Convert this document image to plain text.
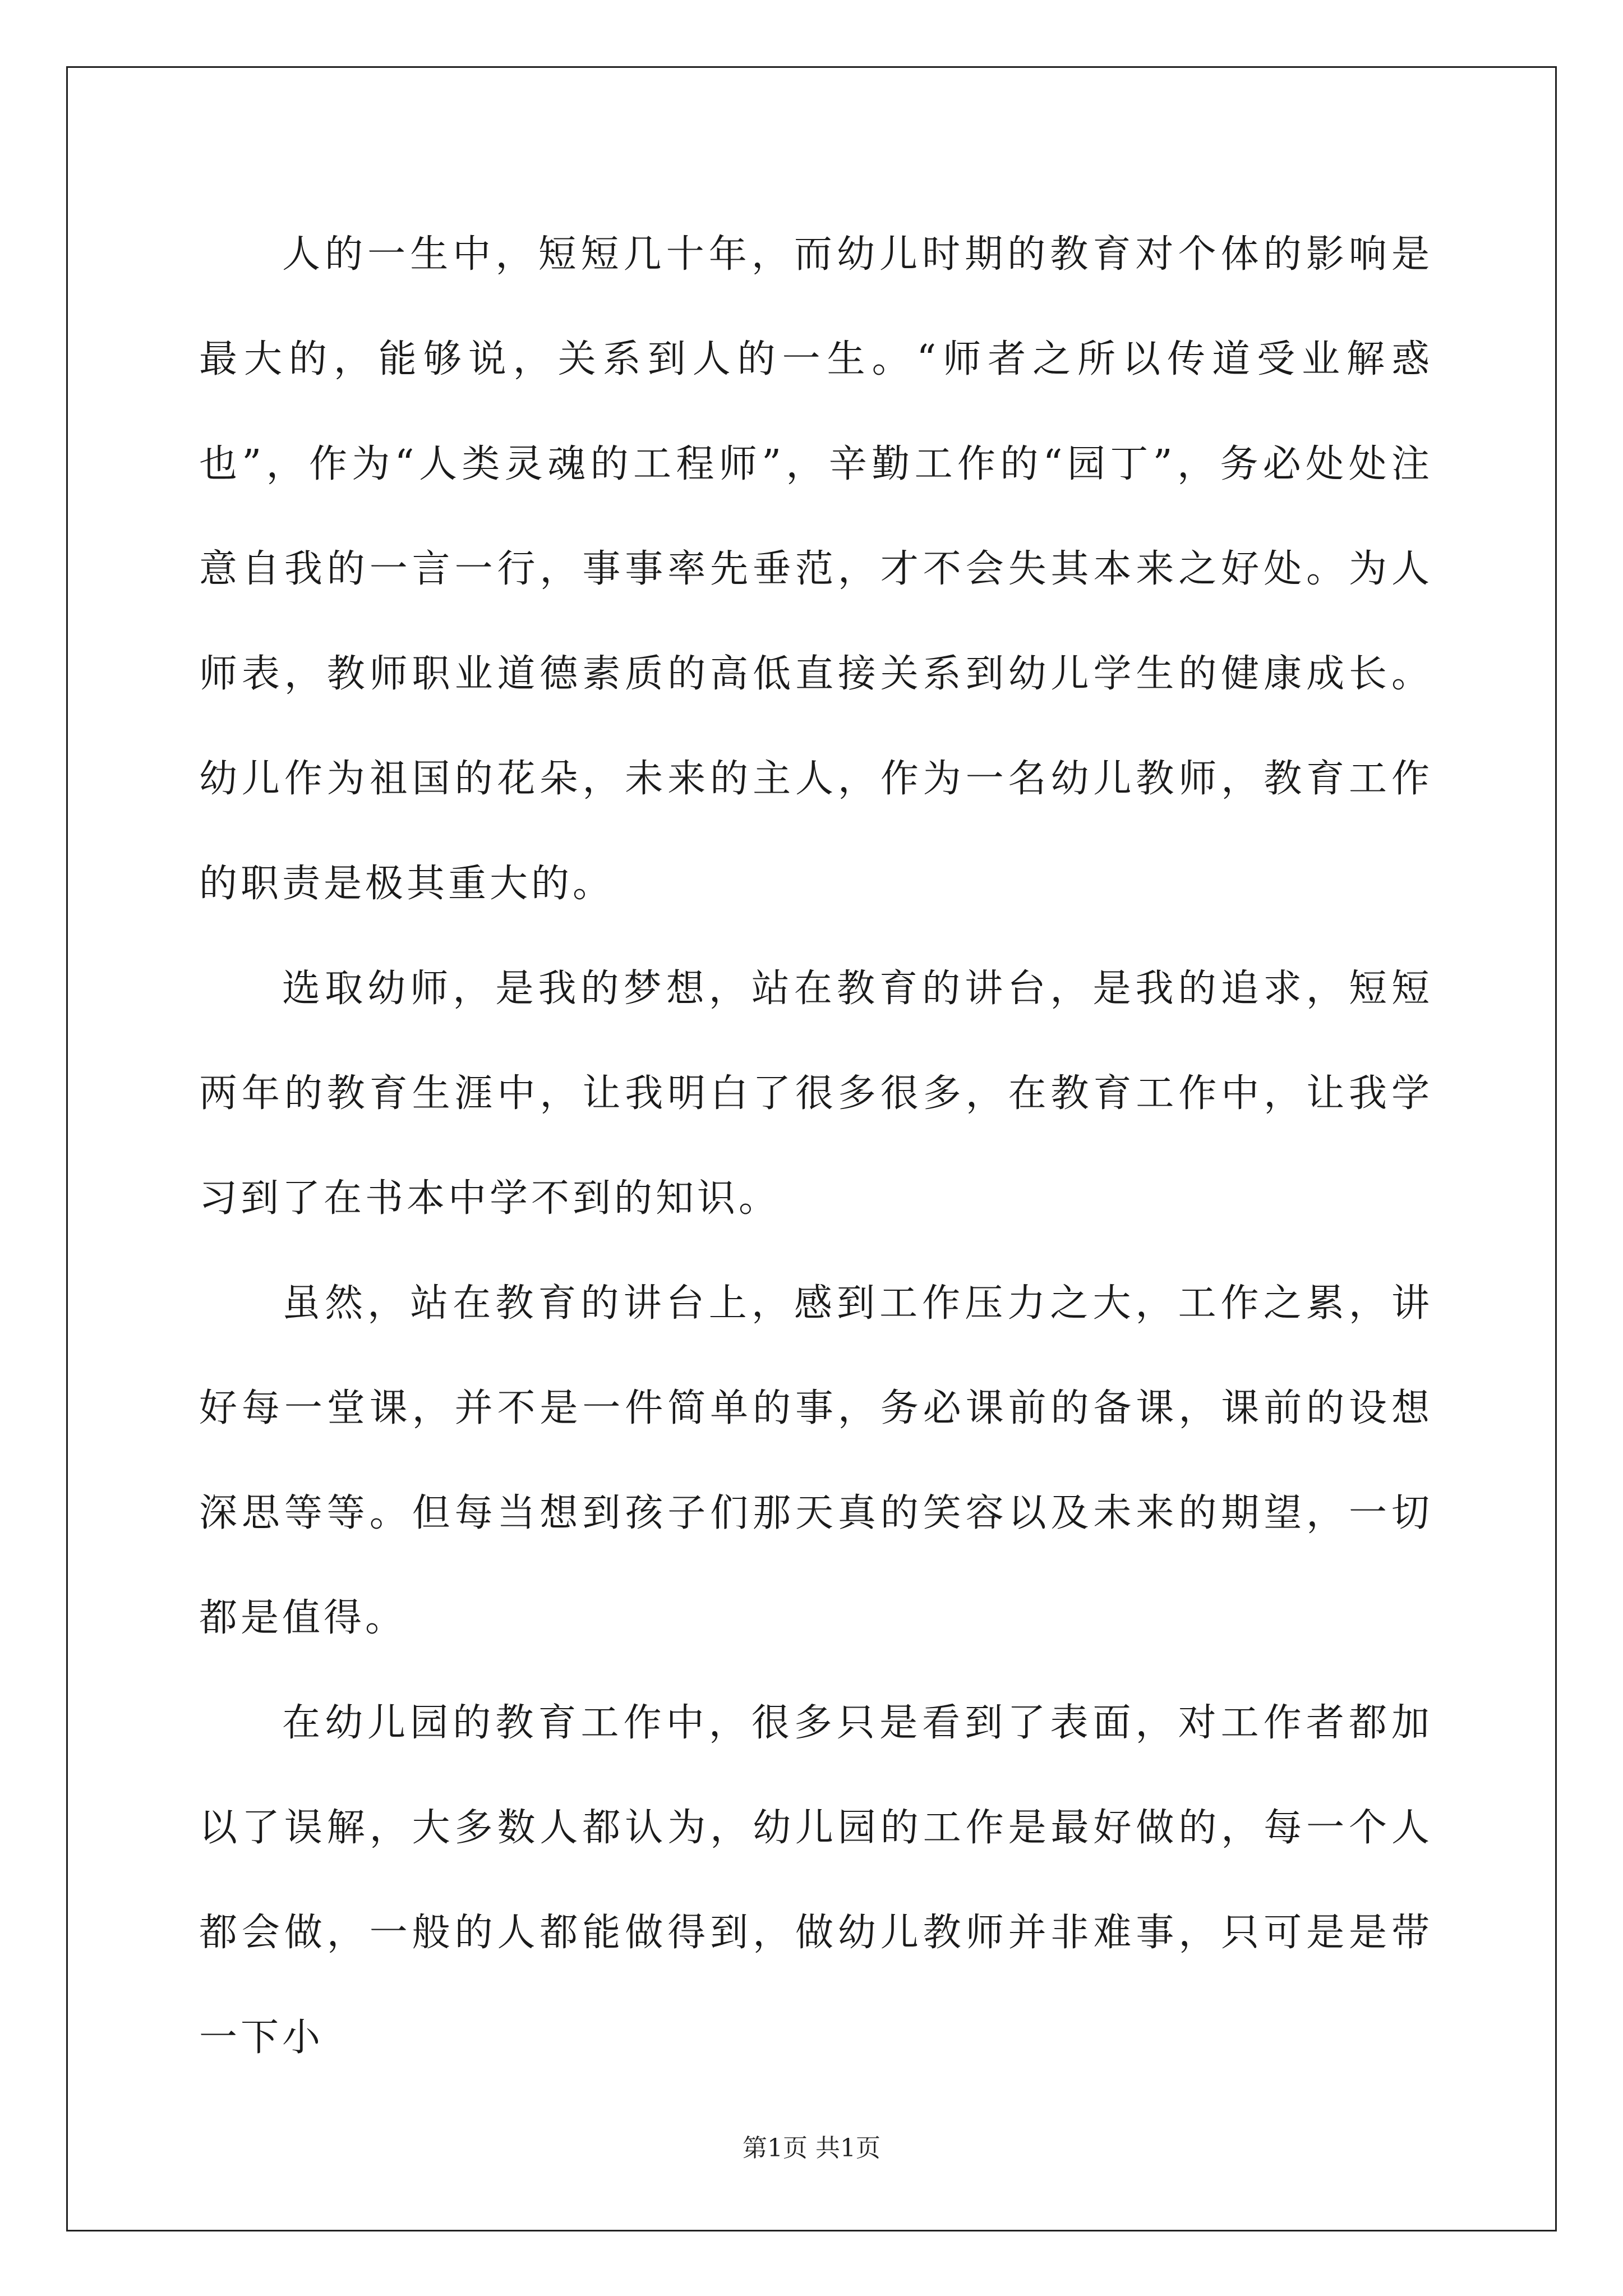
人的一生中，短短几十年，而幼儿时期的教育对个体的影响是最大的，能够说，关系到人的一生。“师者之所以传道受业解惑也”，作为“人类灵魂的工程师”，辛勤工作的“园丁”，务必处处注意自我的一言一行，事事率先垂范，才不会失其本来之好处。为人师表，教师职业道德素质的高低直接关系到幼儿学生的健康成长。幼儿作为祖国的花朵，未来的主人，作为一名幼儿教师，教育工作的职责是极其重大的。

选取幼师，是我的梦想，站在教育的讲台，是我的追求，短短两年的教育生涯中，让我明白了很多很多，在教育工作中，让我学习到了在书本中学不到的知识。

虽然，站在教育的讲台上，感到工作压力之大，工作之累，讲好每一堂课，并不是一件简单的事，务必课前的备课，课前的设想深思等等。但每当想到孩子们那天真的笑容以及未来的期望，一切都是值得。

在幼儿园的教育工作中，很多只是看到了表面，对工作者都加以了误解，大多数人都认为，幼儿园的工作是最好做的，每一个人都会做，一般的人都能做得到，做幼儿教师并非难事，只可是是带一下小

第1页 共1页
